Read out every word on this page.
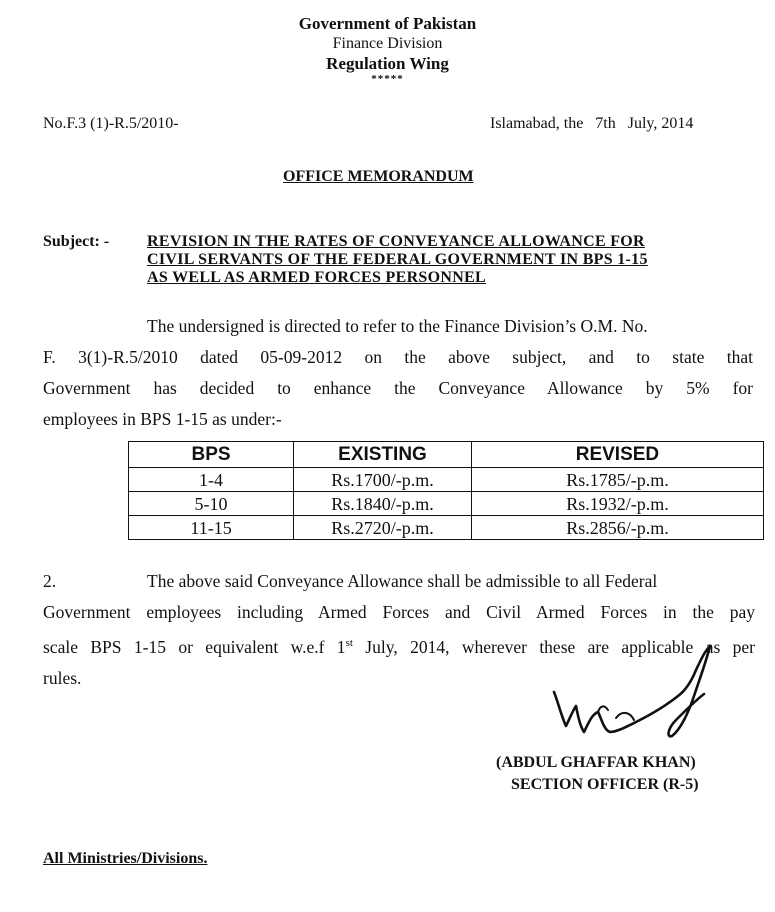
Government of Pakistan
Finance Division
Regulation Wing
*****
No.F.3 (1)-R.5/2010-	Islamabad, the 7th July, 2014
OFFICE MEMORANDUM
Subject: - REVISION IN THE RATES OF CONVEYANCE ALLOWANCE FOR
CIVIL SERVANTS OF THE FEDERAL GOVERNMENT IN BPS 1-15
AS WELL AS ARMED FORCES PERSONNEL
The undersigned is directed to refer to the Finance Division’s O.M. No.
F. 3(1)-R.5/2010 dated 05-09-2012 on the above subject, and to state that
Government has decided to enhance the Conveyance Allowance by 5% for
employees in BPS 1-15 as under:-
BPS	EXISTING	REVISED
1-4	Rs.1700/-p.m.	Rs.1785/-p.m.
5-10	Rs.1840/-p.m.	Rs.1932/-p.m.
11-15	Rs.2720/-p.m.	Rs.2856/-p.m.
2.	The above said Conveyance Allowance shall be admissible to all Federal
Government employees including Armed Forces and Civil Armed Forces in the pay
scale BPS 1-15 or equivalent w.e.f 1st July, 2014, wherever these are applicable as per
rules.
(ABDUL GHAFFAR KHAN)
SECTION OFFICER (R-5)
All Ministries/Divisions.
